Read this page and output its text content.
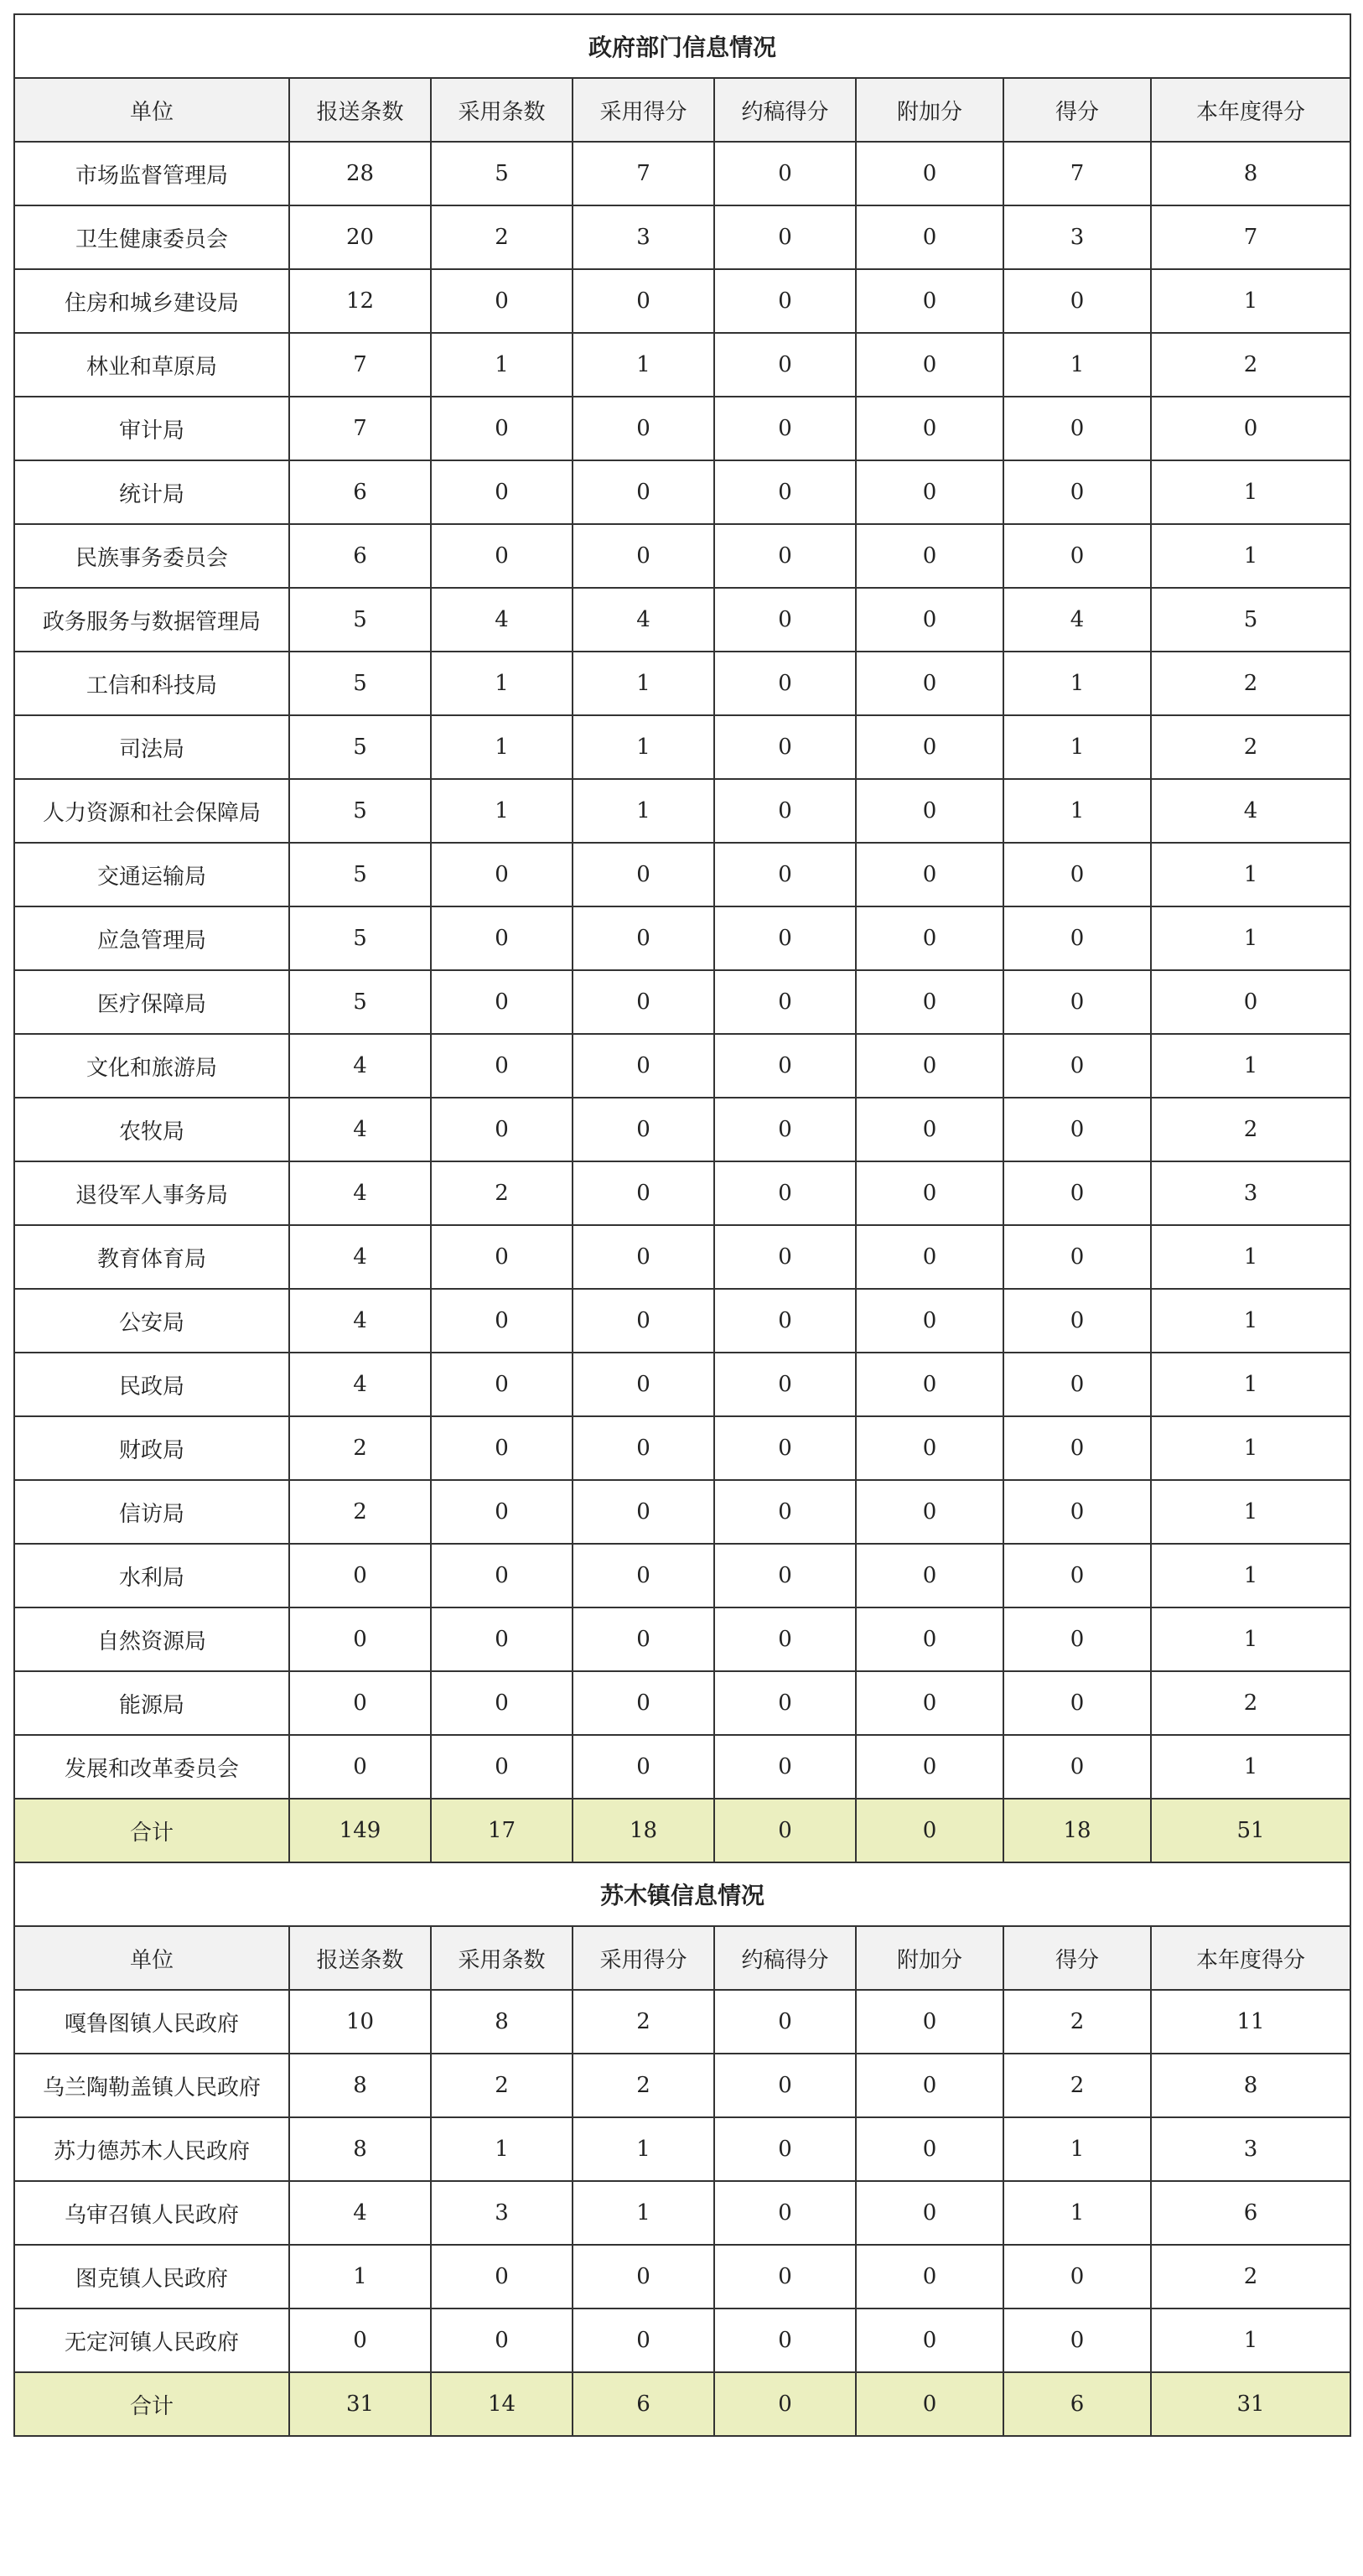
政府部门信息情况							
单位	报送条数	采用条数	采用得分	约稿得分	附加分	得分	本年度得分
市场监督管理局	28	5	7	0	0	7	8
卫生健康委员会	20	2	3	0	0	3	7
住房和城乡建设局	12	0	0	0	0	0	1
林业和草原局	7	1	1	0	0	1	2
审计局	7	0	0	0	0	0	0
统计局	6	0	0	0	0	0	1
民族事务委员会	6	0	0	0	0	0	1
政务服务与数据管理局	5	4	4	0	0	4	5
工信和科技局	5	1	1	0	0	1	2
司法局	5	1	1	0	0	1	2
人力资源和社会保障局	5	1	1	0	0	1	4
交通运输局	5	0	0	0	0	0	1
应急管理局	5	0	0	0	0	0	1
医疗保障局	5	0	0	0	0	0	0
文化和旅游局	4	0	0	0	0	0	1
农牧局	4	0	0	0	0	0	2
退役军人事务局	4	2	0	0	0	0	3
教育体育局	4	0	0	0	0	0	1
公安局	4	0	0	0	0	0	1
民政局	4	0	0	0	0	0	1
财政局	2	0	0	0	0	0	1
信访局	2	0	0	0	0	0	1
水利局	0	0	0	0	0	0	1
自然资源局	0	0	0	0	0	0	1
能源局	0	0	0	0	0	0	2
发展和改革委员会	0	0	0	0	0	0	1
合计	149	17	18	0	0	18	51
苏木镇信息情况							
单位	报送条数	采用条数	采用得分	约稿得分	附加分	得分	本年度得分
嘎鲁图镇人民政府	10	8	2	0	0	2	11
乌兰陶勒盖镇人民政府	8	2	2	0	0	2	8
苏力德苏木人民政府	8	1	1	0	0	1	3
乌审召镇人民政府	4	3	1	0	0	1	6
图克镇人民政府	1	0	0	0	0	0	2
无定河镇人民政府	0	0	0	0	0	0	1
合计	31	14	6	0	0	6	31
